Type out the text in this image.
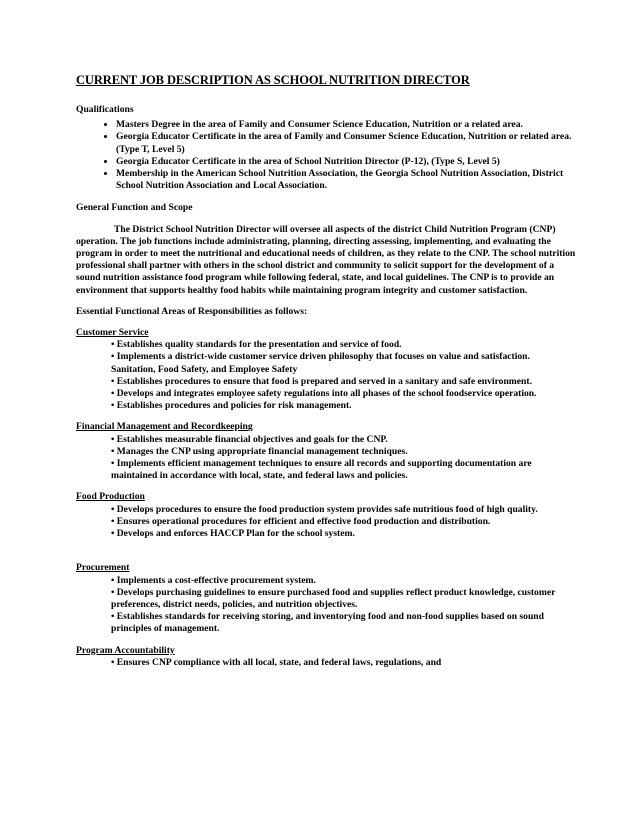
CURRENT JOB DESCRIPTION AS SCHOOL NUTRITION DIRECTOR
Qualifications
• Masters Degree in the area of Family and Consumer Science Education, Nutrition or a related area.
• Georgia Educator Certificate in the area of Family and Consumer Science Education, Nutrition or related area. (Type T, Level 5)
• Georgia Educator Certificate in the area of School Nutrition Director (P-12), (Type S, Level 5)
• Membership in the American School Nutrition Association, the Georgia School Nutrition Association, District School Nutrition Association and Local Association.
General Function and Scope

The District School Nutrition Director will oversee all aspects of the district Child Nutrition Program (CNP) operation. The job functions include administrating, planning, directing assessing, implementing, and evaluating the program in order to meet the nutritional and educational needs of children, as they relate to the CNP. The school nutrition professional shall partner with others in the school district and community to solicit support for the development of a sound nutrition assistance food program while following federal, state, and local guidelines. The CNP is to provide an environment that supports healthy food habits while maintaining program integrity and customer satisfaction.

Essential Functional Areas of Responsibilities as follows:
Customer Service

• Establishes quality standards for the presentation and service of food.

• Implements a district-wide customer service driven philosophy that focuses on value and satisfaction.

Sanitation, Food Safety, and Employee Safety

• Establishes procedures to ensure that food is prepared and served in a sanitary and safe environment.

• Develops and integrates employee safety regulations into all phases of the school foodservice operation.

• Establishes procedures and policies for risk management.

Financial Management and Recordkeeping

• Establishes measurable financial objectives and goals for the CNP.

• Manages the CNP using appropriate financial management techniques.

• Implements efficient management techniques to ensure all records and supporting documentation are maintained in accordance with local, state, and federal laws and policies.

Food Production

• Develops procedures to ensure the food production system provides safe nutritious food of high quality.

• Ensures operational procedures for efficient and effective food production and distribution.

• Develops and enforces HACCP Plan for the school system.

Procurement

• Implements a cost-effective procurement system.

• Develops purchasing guidelines to ensure purchased food and supplies reflect product knowledge, customer preferences, district needs, policies, and nutrition objectives.

• Establishes standards for receiving storing, and inventorying food and non-food supplies based on sound principles of management.

Program Accountability

• Ensures CNP compliance with all local, state, and federal laws, regulations, and
